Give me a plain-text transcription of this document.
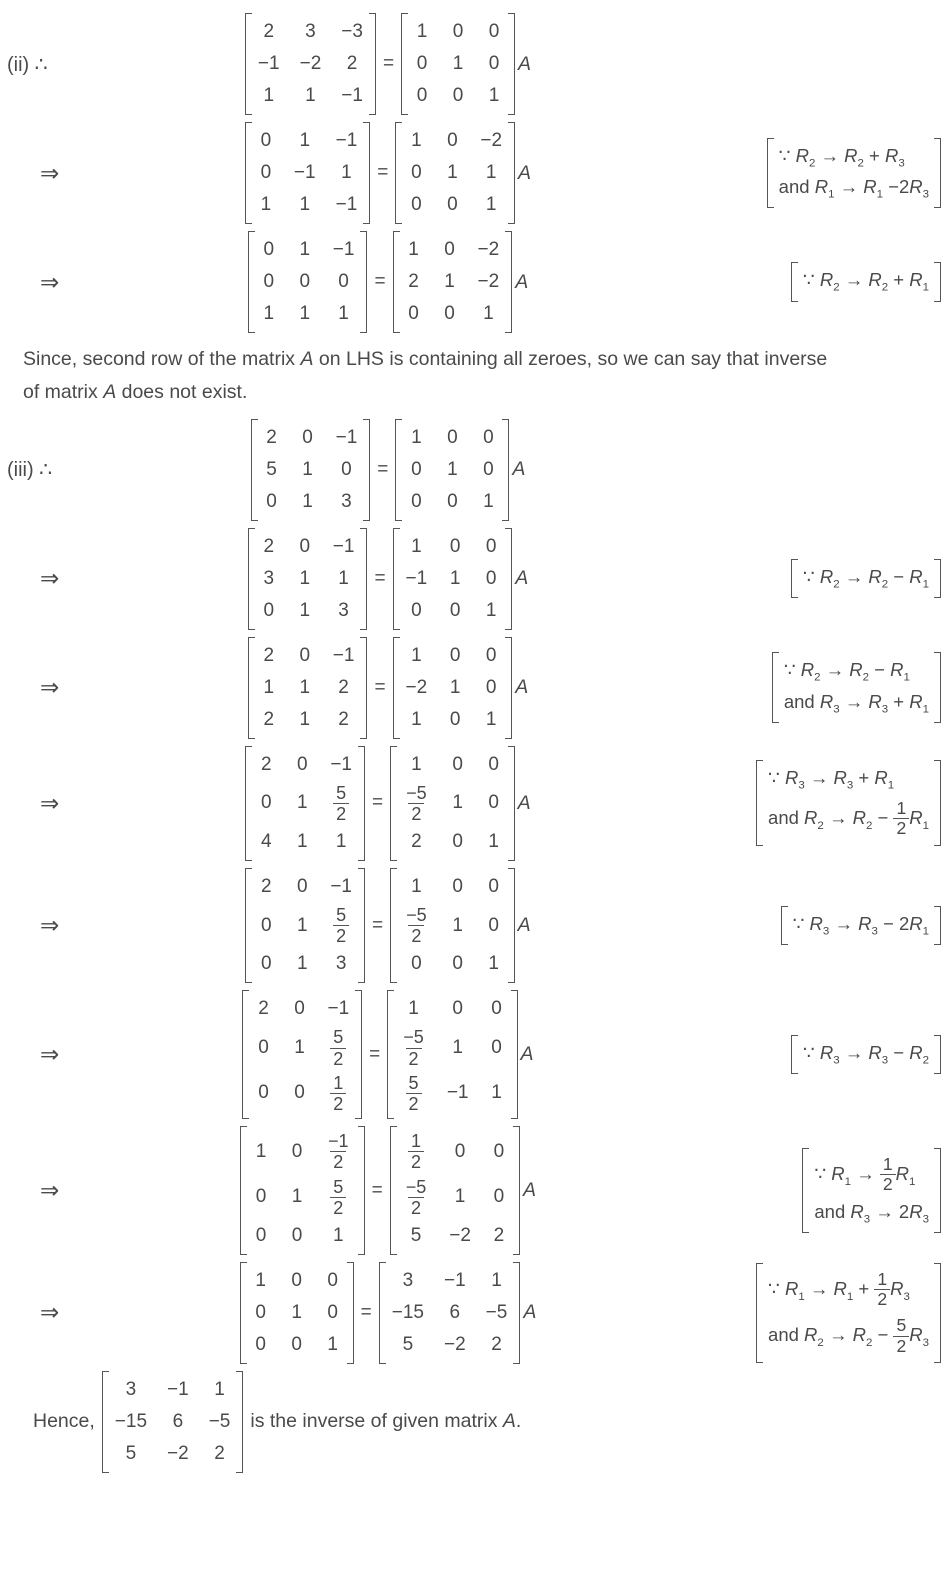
(ii) ∴
2 3 −3
−1 −2 2
1 1 −1
=
1 0 0
0 1 0
0 0 1
A
⇒
0 1 −1
0 −1 1
1 1 −1
=
1 0 −2
0 1 1
0 0 1
A
∵ $R_2 \to R_2 + R_3$
and $R_1 \to R_1 -2R_3$
⇒
0 1 −1
0 0 0
1 1 1
=
1 0 −2
2 1 −2
0 0 1
A	∵ $R_2 \to R_2 + R_1$

Since, second row of the matrix A on LHS is containing all zeroes, so we can say that inverse of matrix A does not exist.

(iii) ∴
2 0 −1
5 1 0
0 1 3
=
1 0 0
0 1 0
0 0 1
A
⇒
2 0 −1
3 1 1
0 1 3
=
1 0 0
−1 1 0
0 0 1
A	∵ $R_2 \to R_2 - R_1$
⇒
2 0 −1
1 1 2
2 1 2
=
1 0 0
−2 1 0
1 0 1
A
∵ $R_2 \to R_2 - R_1$
and $R_3 \to R_3 + R_1$
⇒
2 0 −1
0 $1 \frac{5}{2}$
4 1 1
=
1 0 0
$\frac{-5}{2} 1$ 0
2 0 1
A
∵ $R_3 \to R_3 + R_1$
and $R_2 \to R_2 - \frac{1}{2} R_1$
⇒
2 0 −1
0 $1 \frac{5}{2}$
0 1 3
=
1 0 0
$\frac{-5}{2} 1$ 0
0 0 1
A	∵ $R_3 \to R_3 - 2R_1$
⇒
2 0 −1
0 $1 \frac{5}{2}$
0 $0 \frac{1}{2}$
=
1 0 0
$\frac{-5}{2} 1$ 0
$\frac{5}{2} -1$ 1
A	∵ $R_3 \to R_3 - R_2$
⇒
1 $0 \frac{-1}{2}$
0 $1 \frac{5}{2}$
0 0 1
=
$\frac{1}{2} 0$ 0
$\frac{-5}{2} 1$ 0
5 −2 2
A
∵ $R_1 \to \frac{1}{2} R_1$
and $R_3 \to 2R_3$
⇒
1 0 0
0 1 0
0 0 1
=
3 −1 1
−15 6 −5
5 −2 2
A
∵ $R_1 \to R_1 + \frac{1}{2} R_3$
and $R_2 \to R_2 - \frac{5}{2} R_3$
Hence,
3 −1 1
−15 6 −5
5 −2 2
is the inverse of given matrix A.
